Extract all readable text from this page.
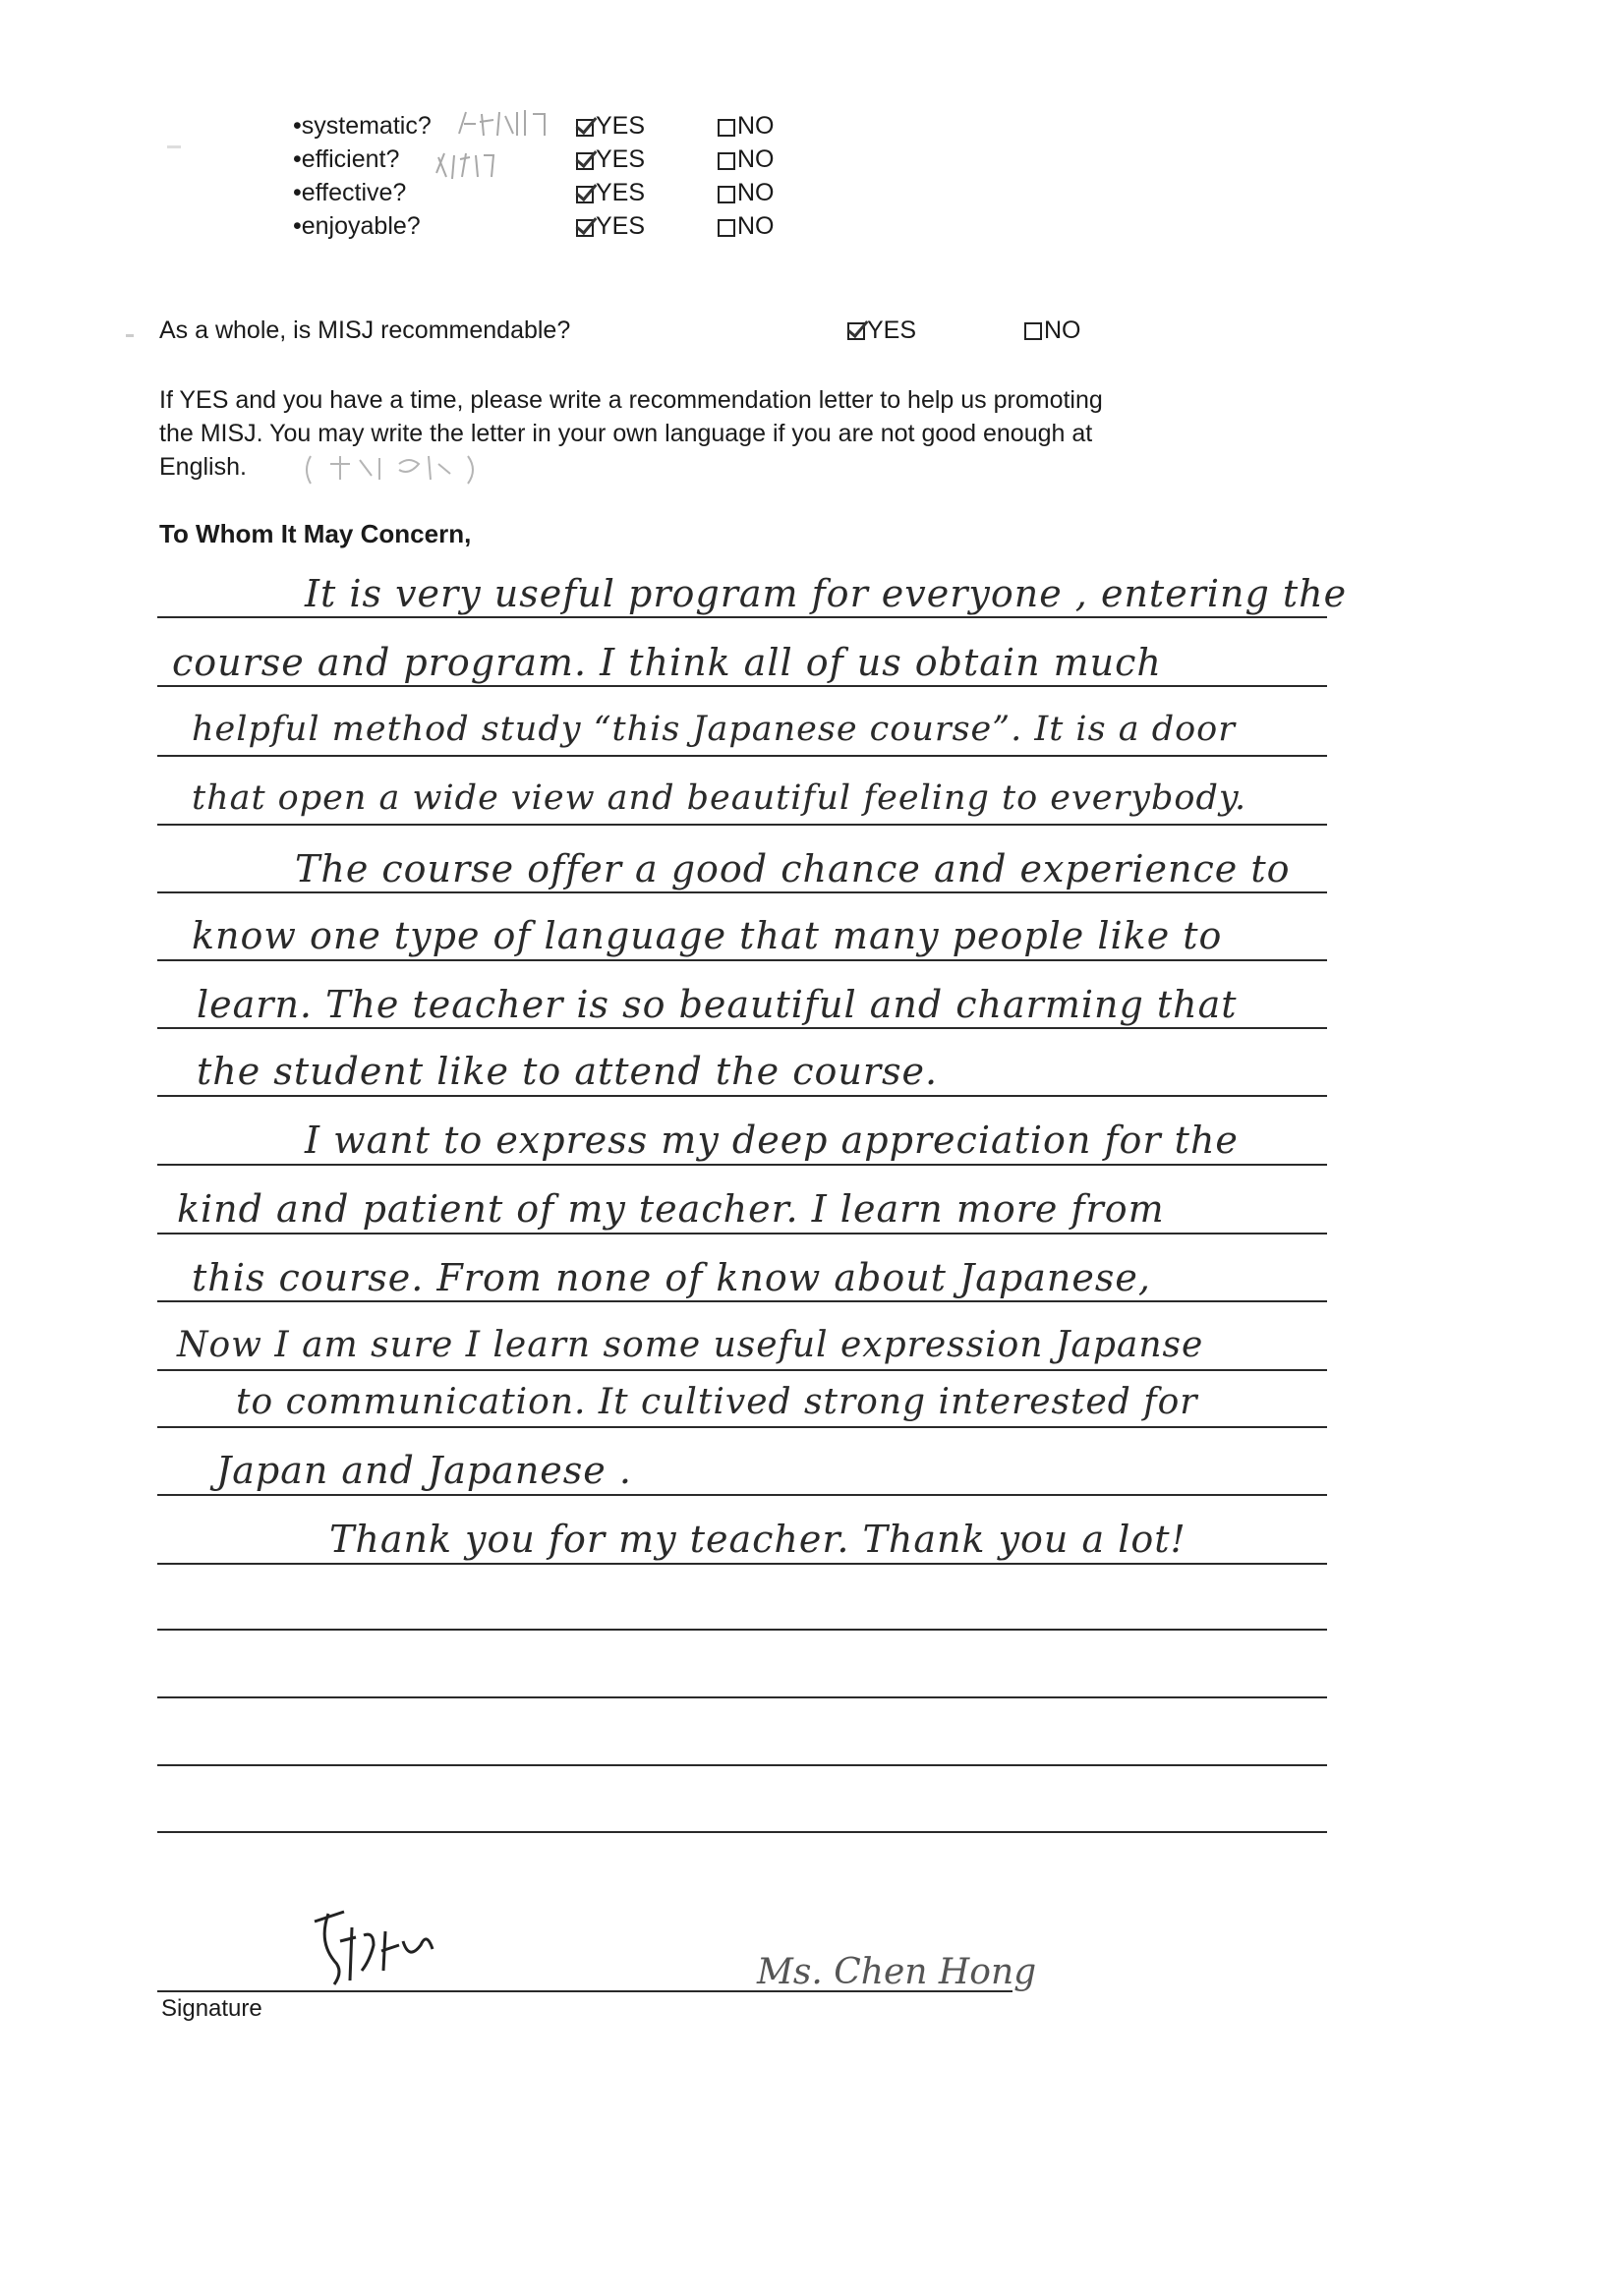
•systematic?	YES	NO
•efficient?	YES	NO
•effective?	YES	NO
•enjoyable?	YES	NO
As a whole, is MISJ recommendable?	YES	NO
If YES and you have a time, please write a recommendation letter to help us promoting
the MISJ. You may write the letter in your own language if you are not good enough at
English.
To Whom It May Concern,
It is very useful program for everyone , entering the
course and program. I think all of us obtain much
helpful method study “this Japanese course”. It is a door
that open a wide view and beautiful feeling to everybody.
The course offer a good chance and experience to
know one type of language that many people like to
learn. The teacher is so beautiful and charming that
the student like to attend the course.
I want to express my deep appreciation for the
kind and patient of my teacher. I learn more from
this course. From none of know about Japanese,
Now I am sure I learn some useful expression Japanse
to communication. It cultived strong interested for
Japan and Japanese .
Thank you for my teacher. Thank you a lot!
Signature
Ms. Chen Hong
